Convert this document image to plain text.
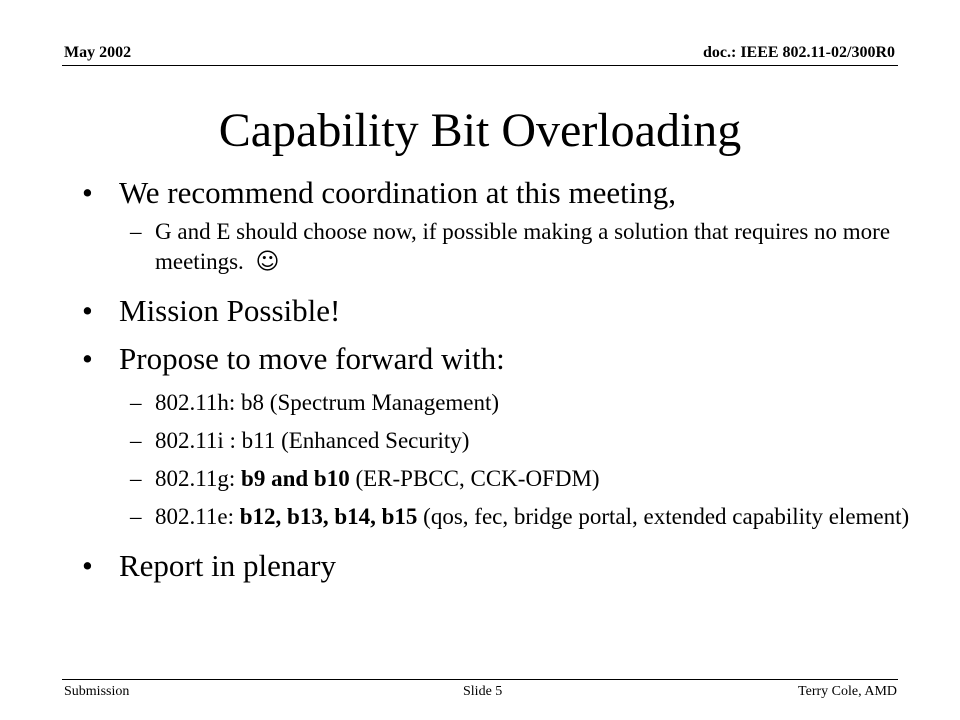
May 2002	doc.: IEEE 802.11-02/300R0
Capability Bit Overloading
• We recommend coordination at this meeting,
– G and E should choose now, if possible making a solution that requires no more meetings. ☺
• Mission Possible!
• Propose to move forward with:
– 802.11h: b8 (Spectrum Management)
– 802.11i : b11 (Enhanced Security)
– 802.11g: b9 and b10 (ER-PBCC, CCK-OFDM)
– 802.11e: b12, b13, b14, b15 (qos, fec, bridge portal, extended capability element)
• Report in plenary
Submission	Slide 5	Terry Cole, AMD
